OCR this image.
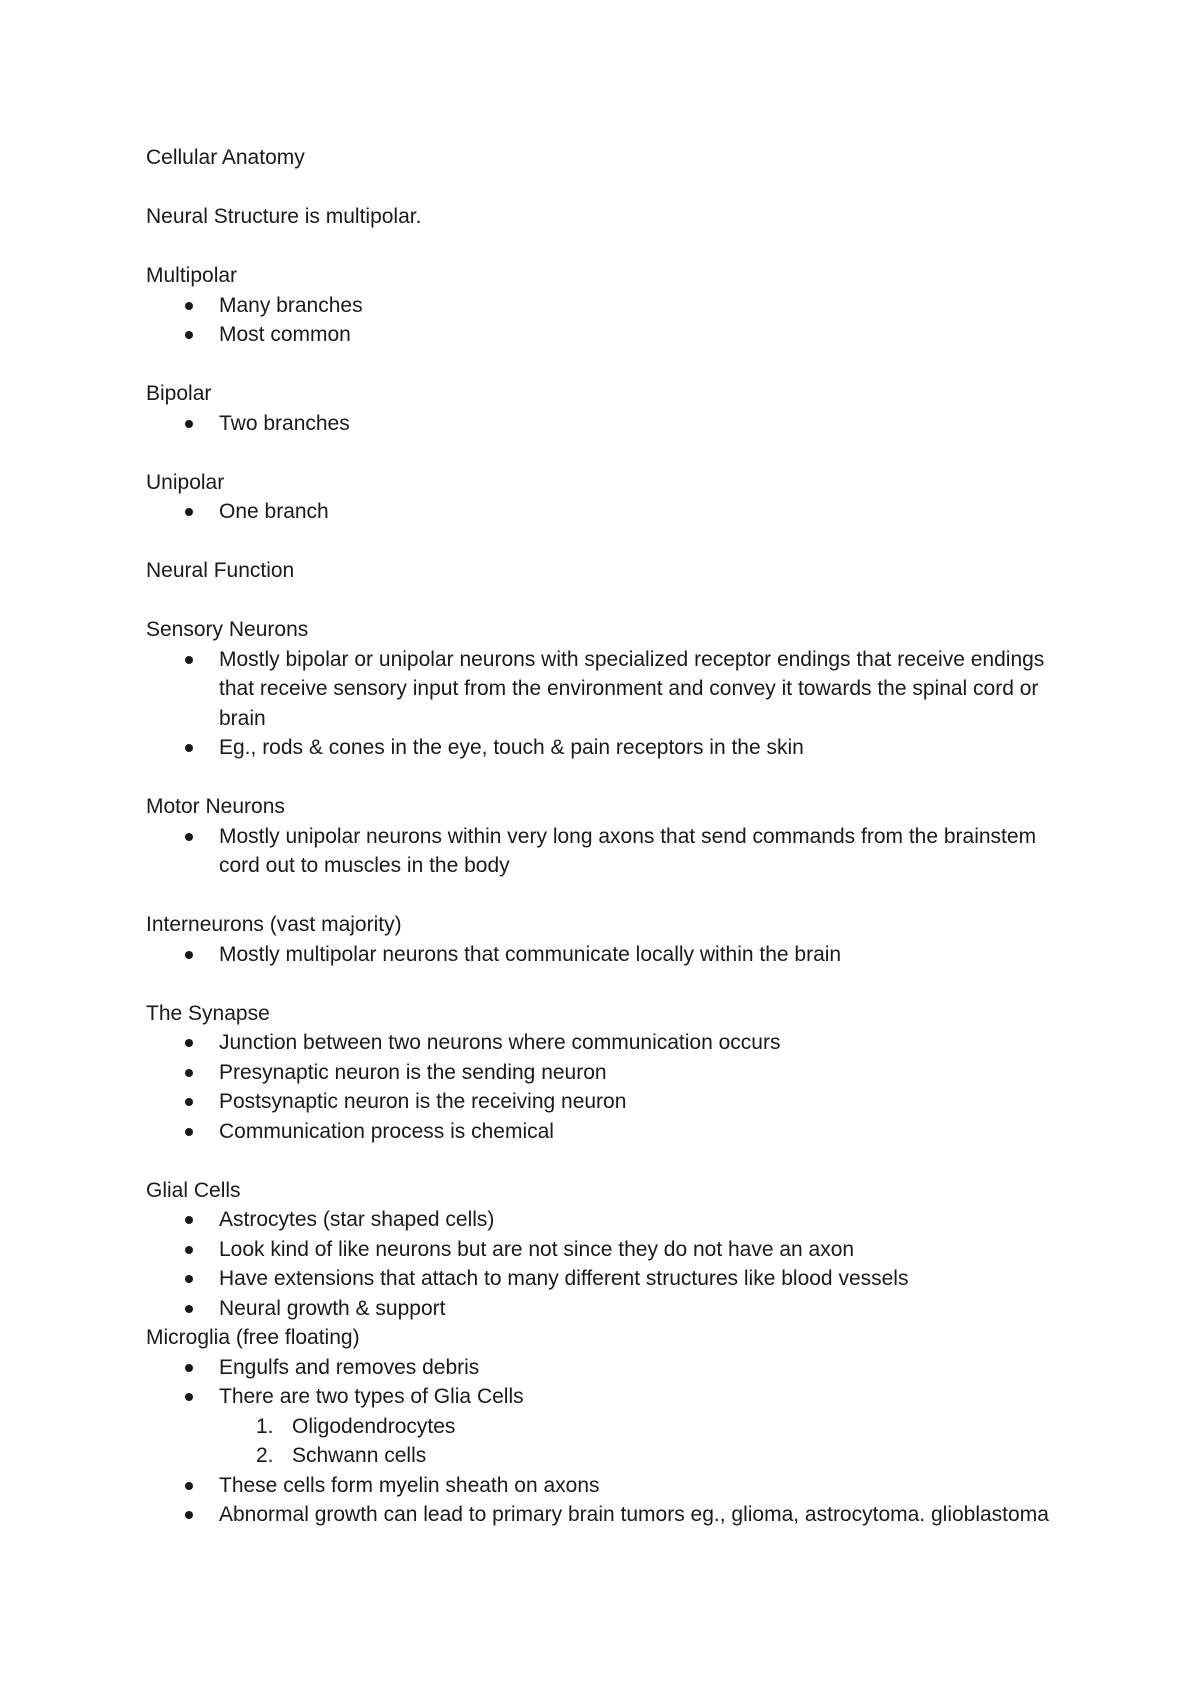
Cellular Anatomy

Neural Structure is multipolar.

Multipolar

Many branches
Most common

Bipolar

Two branches

Unipolar

One branch

Neural Function

Sensory Neurons

Mostly bipolar or unipolar neurons with specialized receptor endings that receive endings that receive sensory input from the environment and convey it towards the spinal cord or brain
Eg., rods & cones in the eye, touch & pain receptors in the skin

Motor Neurons

Mostly unipolar neurons within very long axons that send commands from the brainstem cord out to muscles in the body

Interneurons (vast majority)

Mostly multipolar neurons that communicate locally within the brain

The Synapse

Junction between two neurons where communication occurs
Presynaptic neuron is the sending neuron
Postsynaptic neuron is the receiving neuron
Communication process is chemical

Glial Cells

Astrocytes (star shaped cells)
Look kind of like neurons but are not since they do not have an axon
Have extensions that attach to many different structures like blood vessels
Neural growth & support

Microglia (free floating)

Engulfs and removes debris
There are two types of Glia Cells
1. Oligodendrocytes
2. Schwann cells
These cells form myelin sheath on axons
Abnormal growth can lead to primary brain tumors eg., glioma, astrocytoma. glioblastoma
